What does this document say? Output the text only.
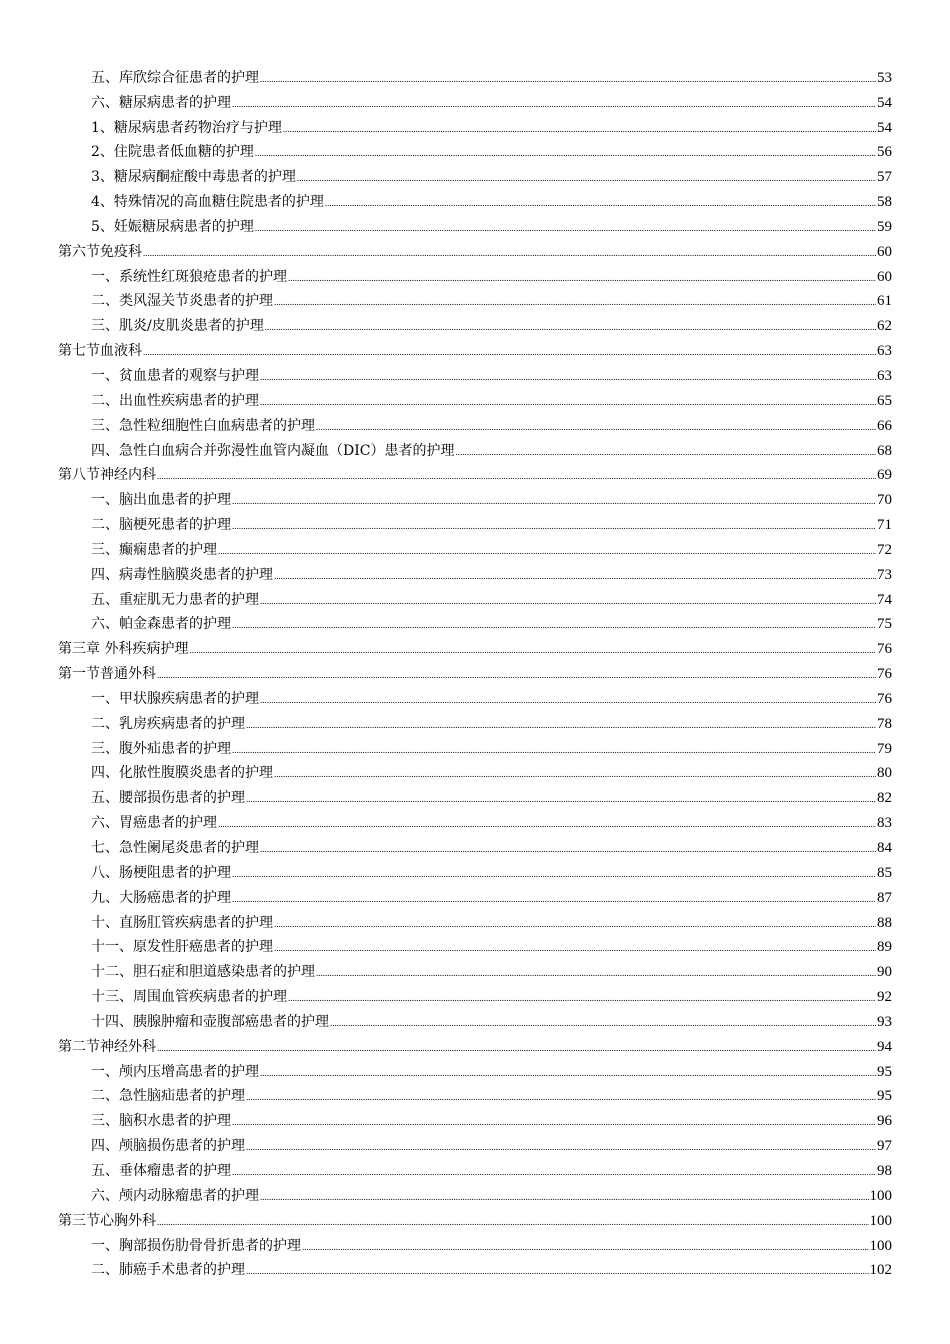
五、库欣综合征患者的护理 .....	53
六、糖尿病患者的护理 .....	54
1、糖尿病患者药物治疗与护理 .....	54
2、住院患者低血糖的护理 .....	56
3、糖尿病酮症酸中毒患者的护理 .....	57
4、特殊情况的高血糖住院患者的护理 .....	58
5、妊娠糖尿病患者的护理 .....	59
第六节免疫科 .....	60
一、系统性红斑狼疮患者的护理 .....	60
二、类风湿关节炎患者的护理 .....	61
三、肌炎/皮肌炎患者的护理 .....	62
第七节血液科 .....	63
一、贫血患者的观察与护理 .....	63
二、出血性疾病患者的护理 .....	65
三、急性粒细胞性白血病患者的护理 .....	66
四、急性白血病合并弥漫性血管内凝血（DIC）患者的护理 .....	68
第八节神经内科 .....	69
一、脑出血患者的护理 .....	70
二、脑梗死患者的护理 .....	71
三、癫痫患者的护理 .....	72
四、病毒性脑膜炎患者的护理 .....	73
五、重症肌无力患者的护理 .....	74
六、帕金森患者的护理 .....	75
第三章 外科疾病护理 .....	76
第一节普通外科 .....	76
一、甲状腺疾病患者的护理 .....	76
二、乳房疾病患者的护理 .....	78
三、腹外疝患者的护理 .....	79
四、化脓性腹膜炎患者的护理 .....	80
五、腰部损伤患者的护理 .....	82
六、胃癌患者的护理 .....	83
七、急性阑尾炎患者的护理 .....	84
八、肠梗阻患者的护理 .....	85
九、大肠癌患者的护理 .....	87
十、直肠肛管疾病患者的护理 .....	88
十一、原发性肝癌患者的护理 .....	89
十二、胆石症和胆道感染患者的护理 .....	90
十三、周围血管疾病患者的护理 .....	92
十四、胰腺肿瘤和壶腹部癌患者的护理 .....	93
第二节神经外科 .....	94
一、颅内压增高患者的护理 .....	95
二、急性脑疝患者的护理 .....	95
三、脑积水患者的护理 .....	96
四、颅脑损伤患者的护理 .....	97
五、垂体瘤患者的护理 .....	98
六、颅内动脉瘤患者的护理 .....	100
第三节心胸外科 .....	100
一、胸部损伤肋骨骨折患者的护理 .....	100
二、肺癌手术患者的护理 .....	102
